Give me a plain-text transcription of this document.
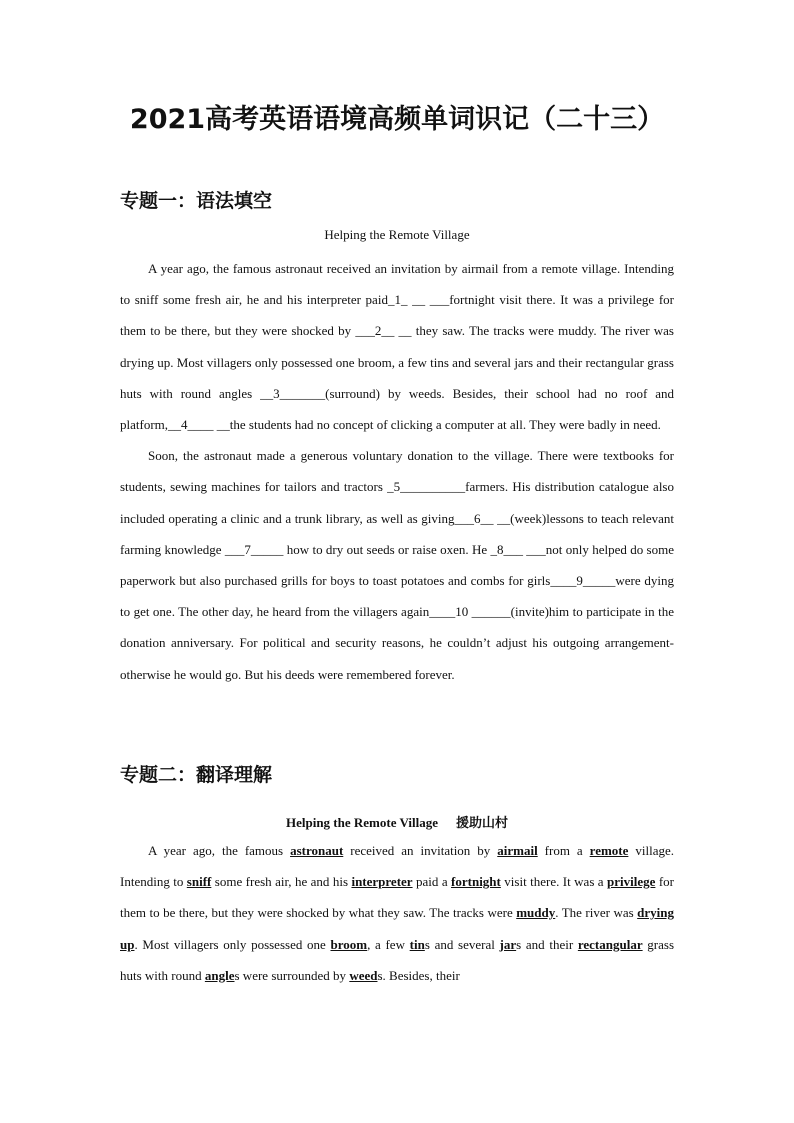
2021高考英语语境高频单词识记（二十三）
专题一：语法填空
Helping the Remote Village

A year ago, the famous astronaut received an invitation by airmail from a remote village. Intending to sniff some fresh air, he and his interpreter paid_1_ __ ___fortnight visit there. It was a privilege for them to be there, but they were shocked by ___2__ __ they saw. The tracks were muddy. The river was drying up. Most villagers only possessed one broom, a few tins and several jars and their rectangular grass huts with round angles __3_______(surround) by weeds. Besides, their school had no roof and platform,__4____ __the students had no concept of clicking a computer at all. They were badly in need.

Soon, the astronaut made a generous voluntary donation to the village. There were textbooks for students, sewing machines for tailors and tractors _5__________farmers. His distribution catalogue also included operating a clinic and a trunk library, as well as giving___6__ __(week)lessons to teach relevant farming knowledge ___7_____ how to dry out seeds or raise oxen. He _8___ ___not only helped do some paperwork but also purchased grills for boys to toast potatoes and combs for girls____9_____were dying to get one. The other day, he heard from the villagers again____10 ______(invite)him to participate in the donation anniversary. For political and security reasons, he couldn’t adjust his outgoing arrangement-otherwise he would go. But his deeds were remembered forever.

专题二：翻译理解
Helping the Remote Village 援助山村

A year ago, the famous astronaut received an invitation by airmail from a remote village. Intending to sniff some fresh air, he and his interpreter paid a fortnight visit there. It was a privilege for them to be there, but they were shocked by what they saw. The tracks were muddy. The river was drying up. Most villagers only possessed one broom, a few tins and several jars and their rectangular grass huts with round angles were surrounded by weeds. Besides, their
